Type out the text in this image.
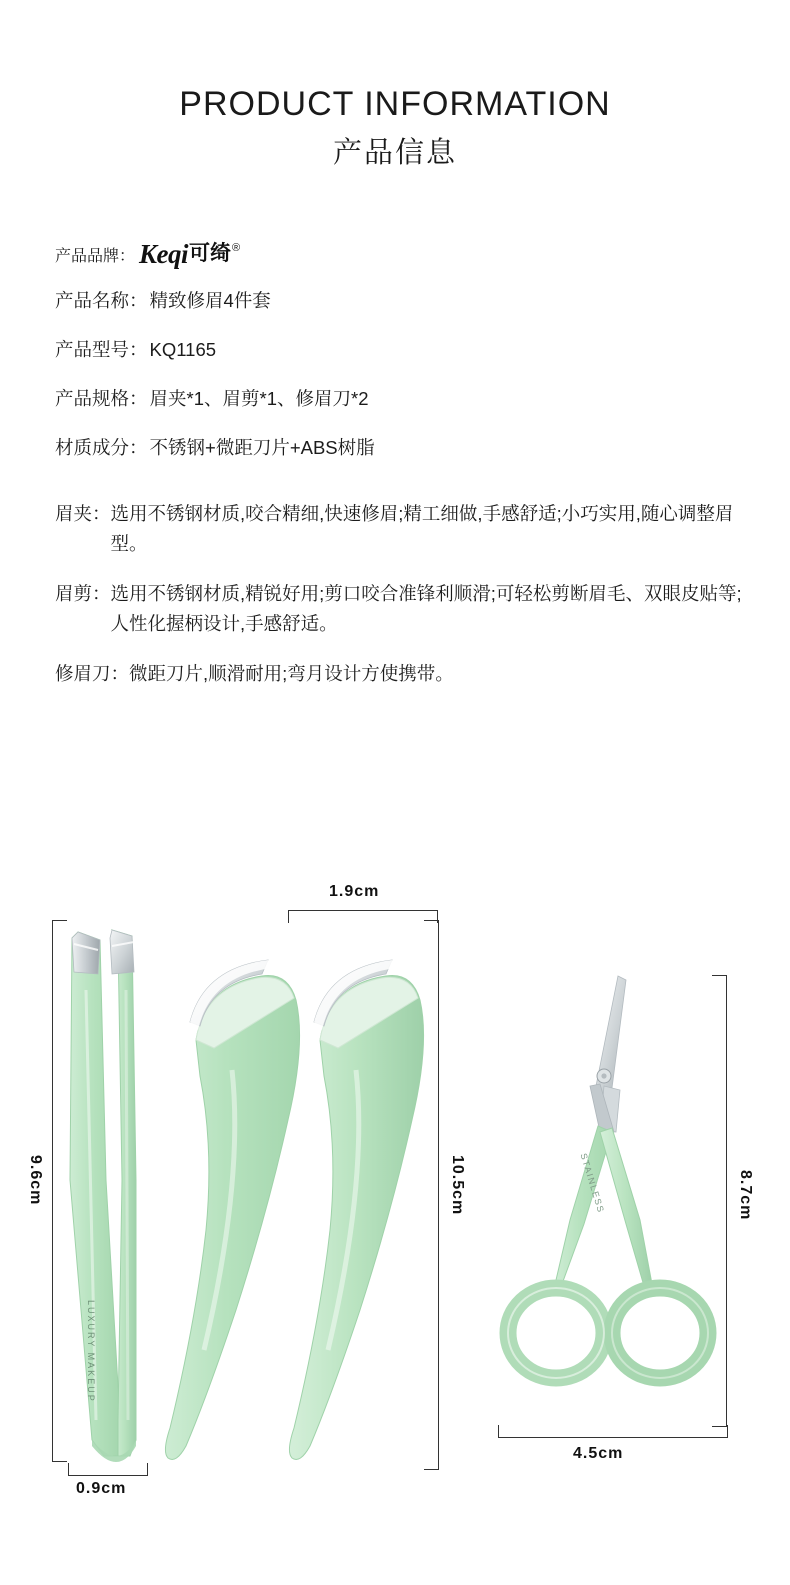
PRODUCT INFORMATION
产品信息
产品品牌： Keqi 可绮 ®
产品名称： 精致修眉4件套
产品型号： KQ1165
产品规格： 眉夹*1、眉剪*1、修眉刀*2
材质成分： 不锈钢+微距刀片+ABS树脂
眉夹： 选用不锈钢材质,咬合精细,快速修眉;精工细做,手感舒适;小巧实用,随心调整眉型。
眉剪： 选用不锈钢材质,精锐好用;剪口咬合准锋利顺滑;可轻松剪断眉毛、双眼皮贴等;人性化握柄设计,手感舒适。
修眉刀： 微距刀片,顺滑耐用;弯月设计方使携带。
LUXURY MAKEUP
STAINLESS
9.6cm
0.9cm
1.9cm
10.5cm	8.7cm
4.5cm
